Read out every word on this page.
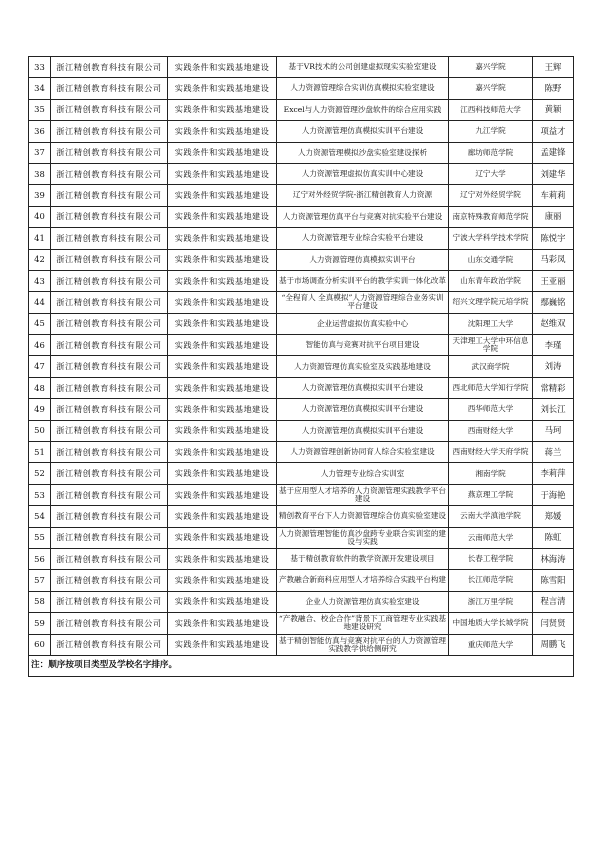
33	浙江精创教育科技有限公司	实践条件和实践基地建设	基于VR技术的公司创建虚拟现实实验室建设	嘉兴学院	王辉
34	浙江精创教育科技有限公司	实践条件和实践基地建设	人力资源管理综合实训仿真模拟实验室建设	嘉兴学院	陈野
35	浙江精创教育科技有限公司	实践条件和实践基地建设	Excel与人力资源管理沙盘软件的综合应用实践	江西科技师范大学	黄颖
36	浙江精创教育科技有限公司	实践条件和实践基地建设	人力资源管理仿真模拟实训平台建设	九江学院	项益才
37	浙江精创教育科技有限公司	实践条件和实践基地建设	人力资源管理模拟沙盘实验室建设探析	廊坊师范学院	孟建锋
38	浙江精创教育科技有限公司	实践条件和实践基地建设	人力资源管理虚拟仿真实训中心建设	辽宁大学	刘建华
39	浙江精创教育科技有限公司	实践条件和实践基地建设	辽宁对外经贸学院-浙江精创教育人力资源	辽宁对外经贸学院	车莉莉
40	浙江精创教育科技有限公司	实践条件和实践基地建设	人力资源管理仿真平台与竞赛对抗实验平台建设	南京特殊教育师范学院	康丽
41	浙江精创教育科技有限公司	实践条件和实践基地建设	人力资源管理专业综合实验平台建设	宁波大学科学技术学院	陈悦宇
42	浙江精创教育科技有限公司	实践条件和实践基地建设	人力资源管理仿真模拟实训平台	山东交通学院	马彩凤
43	浙江精创教育科技有限公司	实践条件和实践基地建设	基于市场调查分析实训平台的教学实训一体化改革	山东青年政治学院	王亚丽
44	浙江精创教育科技有限公司	实践条件和实践基地建设	“全程育人 全真模拟”人力资源管理综合业务实训平台建设	绍兴文理学院元培学院	鄢巍铭
45	浙江精创教育科技有限公司	实践条件和实践基地建设	企业运营虚拟仿真实验中心	沈阳理工大学	赵维双
46	浙江精创教育科技有限公司	实践条件和实践基地建设	智能仿真与竞赛对抗平台项目建设	天津理工大学中环信息学院	李瑾
47	浙江精创教育科技有限公司	实践条件和实践基地建设	人力资源管理仿真实验室及实践基地建设	武汉商学院	刘涛
48	浙江精创教育科技有限公司	实践条件和实践基地建设	人力资源管理仿真模拟实训平台建设	西北师范大学知行学院	常精彩
49	浙江精创教育科技有限公司	实践条件和实践基地建设	人力资源管理仿真模拟实训平台建设	西华师范大学	刘长江
50	浙江精创教育科技有限公司	实践条件和实践基地建设	人力资源管理仿真模拟实训平台建设	西南财经大学	马珂
51	浙江精创教育科技有限公司	实践条件和实践基地建设	人力资源管理创新协同育人综合实验室建设	西南财经大学天府学院	蒋兰
52	浙江精创教育科技有限公司	实践条件和实践基地建设	人力管理专业综合实训室	湘南学院	李莉萍
53	浙江精创教育科技有限公司	实践条件和实践基地建设	基于应用型人才培养的人力资源管理实践教学平台建设	燕京理工学院	于海艳
54	浙江精创教育科技有限公司	实践条件和实践基地建设	精创教育平台下人力资源管理综合仿真实验室建设	云南大学滇池学院	郑媛
55	浙江精创教育科技有限公司	实践条件和实践基地建设	人力资源管理智能仿真沙盘跨专业联合实训室的建设与实践	云南师范大学	陈虹
56	浙江精创教育科技有限公司	实践条件和实践基地建设	基于精创教育软件的教学资源开发建设项目	长春工程学院	林海涛
57	浙江精创教育科技有限公司	实践条件和实践基地建设	产教融合新商科应用型人才培养综合实践平台构建	长江师范学院	陈雪阳
58	浙江精创教育科技有限公司	实践条件和实践基地建设	企业人力资源管理仿真实验室建设	浙江万里学院	程言清
59	浙江精创教育科技有限公司	实践条件和实践基地建设	“产教融合、校企合作”背景下工商管理专业实践基地建设研究	中国地质大学长城学院	闫贤贤
60	浙江精创教育科技有限公司	实践条件和实践基地建设	基于精创智能仿真与竞赛对抗平台的人力资源管理实践教学供给侧研究	重庆师范大学	周鹏飞
注：顺序按项目类型及学校名字排序。					
